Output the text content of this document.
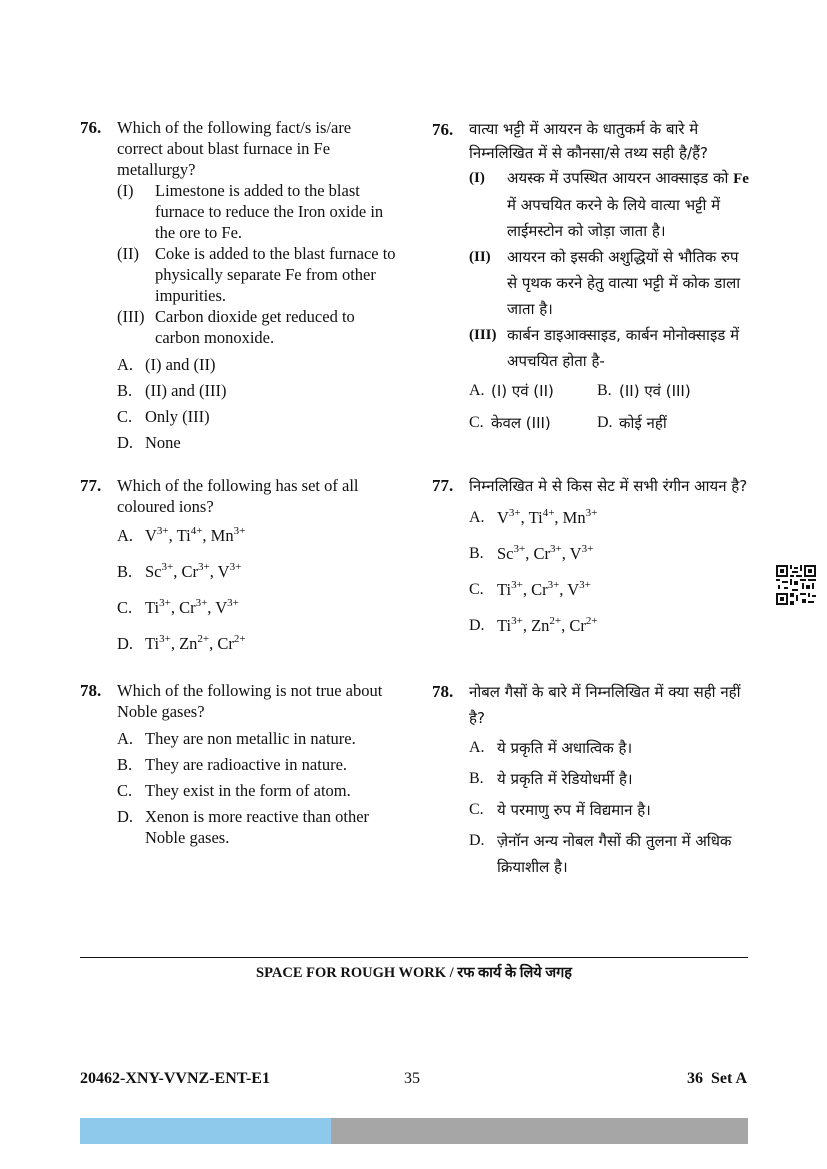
76. Which of the following fact/s is/are correct about blast furnace in Fe metallurgy?
(I) Limestone is added to the blast furnace to reduce the Iron oxide in the ore to Fe.
(II) Coke is added to the blast furnace to physically separate Fe from other impurities.
(III) Carbon dioxide get reduced to carbon monoxide.
A. (I) and (II)
B. (II) and (III)
C. Only (III)
D. None
77. Which of the following has set of all coloured ions?
A. $V^{3+}$, $Ti^{4+}$, $Mn^{3+}$
B. $Sc^{3+}$, $Cr^{3+}$, $V^{3+}$
C. $Ti^{3+}$, $Cr^{3+}$, $V^{3+}$
D. $Ti^{3+}$, $Zn^{2+}$, $Cr^{2+}$
78. Which of the following is not true about Noble gases?
A. They are non metallic in nature.
B. They are radioactive in nature.
C. They exist in the form of atom.
D. Xenon is more reactive than other Noble gases.
76. वात्या भट्टी में आयरन के धातुकर्म के बारे मे निम्नलिखित में से कौनसा/से तथ्य सही है/हैं?
(I) अयस्क में उपस्थित आयरन आक्साइड को Fe में अपचयित करने के लिये वात्या भट्टी में लाईमस्टोन को जोड़ा जाता है।
(II) आयरन को इसकी अशुद्धियों से भौतिक रुप से पृथक करने हेतु वात्या भट्टी में कोक डाला जाता है।
(III) कार्बन डाइआक्साइड, कार्बन मोनोक्साइड में अपचयित होता है-
A. (I) एवं (II)	B. (II) एवं (III)
C. केवल (III)	D. कोई नहीं
77. निम्नलिखित मे से किस सेट में सभी रंगीन आयन है?
A. $V^{3+}$, $Ti^{4+}$, $Mn^{3+}$
B. $Sc^{3+}$, $Cr^{3+}$, $V^{3+}$
C. $Ti^{3+}$, $Cr^{3+}$, $V^{3+}$
D. $Ti^{3+}$, $Zn^{2+}$, $Cr^{2+}$
78. नोबल गैसों के बारे में निम्नलिखित में क्या सही नहीं है?
A. ये प्रकृति में अधात्विक है।
B. ये प्रकृति में रेडियोधर्मी है।
C. ये परमाणु रुप में विद्यमान है।
D. ज़ेनॉन अन्य नोबल गैसों की तुलना में अधिक क्रियाशील है।
SPACE FOR ROUGH WORK / रफ कार्य के लिये जगह
20462-XNY-VVNZ-ENT-E1	35	36  Set A
